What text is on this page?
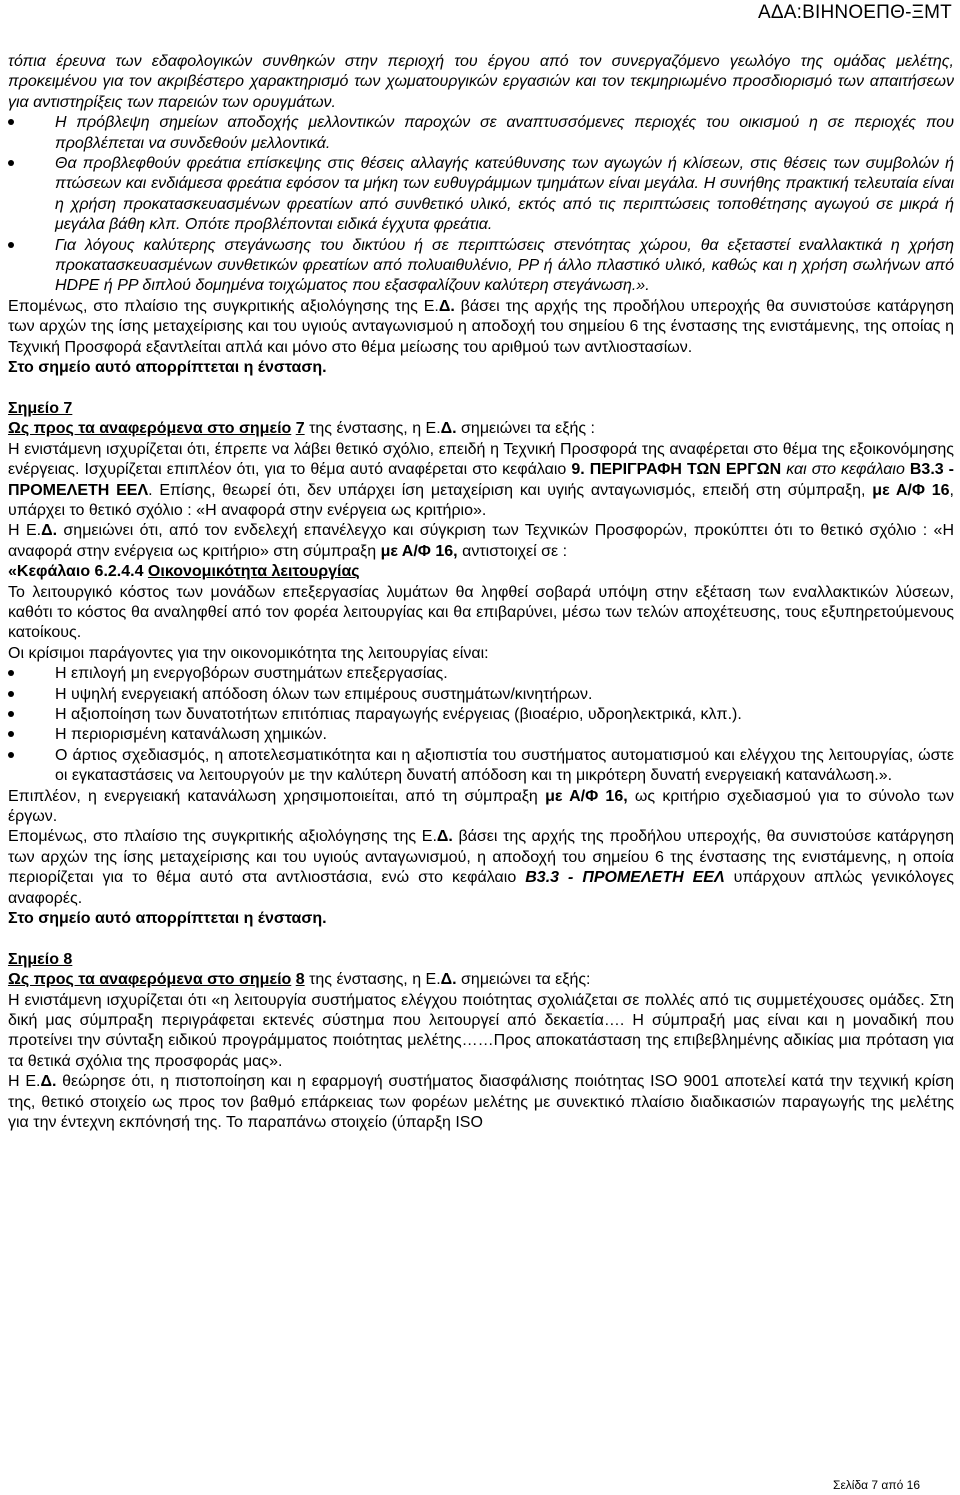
ΑΔΑ:ΒΙΗΝΟΕΠΘ-ΞΜΤ
τόπια έρευνα των εδαφολογικών συνθηκών στην περιοχή του έργου από τον συνεργαζόμενο γεωλόγο της ομάδας μελέτης, προκειμένου για τον ακριβέστερο χαρακτηρισμό των χωματουργικών εργασιών και τον τεκμηριωμένο προσδιορισμό των απαιτήσεων για αντιστηρίξεις των παρειών των ορυγμάτων.
Η πρόβλεψη σημείων αποδοχής μελλοντικών παροχών σε αναπτυσσόμενες περιοχές του οικισμού η σε περιοχές που προβλέπεται να συνδεθούν μελλοντικά.
Θα προβλεφθούν φρεάτια επίσκεψης στις θέσεις αλλαγής κατεύθυνσης των αγωγών ή κλίσεων, στις θέσεις των συμβολών ή πτώσεων και ενδιάμεσα φρεάτια εφόσον τα μήκη των ευθυγράμμων τμημάτων είναι μεγάλα. Η συνήθης πρακτική τελευταία είναι η χρήση προκατασκευασμένων φρεατίων από συνθετικό υλικό, εκτός από τις περιπτώσεις τοποθέτησης αγωγού σε μικρά ή μεγάλα βάθη κλπ. Οπότε προβλέπονται ειδικά έγχυτα φρεάτια.
Για λόγους καλύτερης στεγάνωσης του δικτύου ή σε περιπτώσεις στενότητας χώρου, θα εξεταστεί εναλλακτικά η χρήση προκατασκευασμένων συνθετικών φρεατίων από πολυαιθυλένιο, PP ή άλλο πλαστικό υλικό, καθώς και η χρήση σωλήνων από HDPE ή PP διπλού δομημένα τοιχώματος που εξασφαλίζουν καλύτερη στεγάνωση.».
Επομένως, στο πλαίσιο της συγκριτικής αξιολόγησης της Ε.Δ. βάσει της αρχής της προδήλου υπεροχής θα συνιστούσε κατάργηση των αρχών της ίσης μεταχείρισης και του υγιούς ανταγωνισμού η αποδοχή του σημείου 6 της ένστασης της ενιστάμενης, της οποίας η Τεχνική Προσφορά εξαντλείται απλά και μόνο στο θέμα μείωσης του αριθμού των αντλιοστασίων.
Στο σημείο αυτό απορρίπτεται η ένσταση.
Σημείο 7
Ως προς τα αναφερόμενα στο σημείο 7 της ένστασης, η Ε.Δ. σημειώνει τα εξής :
Η ενιστάμενη ισχυρίζεται ότι, έπρεπε να λάβει θετικό σχόλιο, επειδή η Τεχνική Προσφορά της αναφέρεται στο θέμα της εξοικονόμησης ενέργειας. Ισχυρίζεται επιπλέον ότι, για το θέμα αυτό αναφέρεται στο κεφάλαιο 9. ΠΕΡΙΓΡΑΦΗ ΤΩΝ ΕΡΓΩΝ και στο κεφάλαιο Β3.3 - ΠΡΟΜΕΛΕΤΗ ΕΕΛ. Επίσης, θεωρεί ότι, δεν υπάρχει ίση μεταχείριση και υγιής ανταγωνισμός, επειδή στη σύμπραξη, με Α/Φ 16, υπάρχει το θετικό σχόλιο : «Η αναφορά στην ενέργεια ως κριτήριο».
Η Ε.Δ. σημειώνει ότι, από τον ενδελεχή επανέλεγχο και σύγκριση των Τεχνικών Προσφορών, προκύπτει ότι το θετικό σχόλιο : «Η αναφορά στην ενέργεια ως κριτήριο» στη σύμπραξη με Α/Φ 16, αντιστοιχεί σε :
«Κεφάλαιο 6.2.4.4 Οικονομικότητα λειτουργίας
Το λειτουργικό κόστος των μονάδων επεξεργασίας λυμάτων θα ληφθεί σοβαρά υπόψη στην εξέταση των εναλλακτικών λύσεων, καθότι το κόστος θα αναληφθεί από τον φορέα λειτουργίας και θα επιβαρύνει, μέσω των τελών αποχέτευσης, τους εξυπηρετούμενους κατοίκους.
Οι κρίσιμοι παράγοντες για την οικονομικότητα της λειτουργίας είναι:
Η επιλογή μη ενεργοβόρων συστημάτων επεξεργασίας.
Η υψηλή ενεργειακή απόδοση όλων των επιμέρους συστημάτων/κινητήρων.
Η αξιοποίηση των δυνατοτήτων επιτόπιας παραγωγής ενέργειας (βιοαέριο, υδροηλεκτρικά, κλπ.).
Η περιορισμένη κατανάλωση χημικών.
Ο άρτιος σχεδιασμός, η αποτελεσματικότητα και η αξιοπιστία του συστήματος αυτοματισμού και ελέγχου της λειτουργίας, ώστε οι εγκαταστάσεις να λειτουργούν με την καλύτερη δυνατή απόδοση και τη μικρότερη δυνατή ενεργειακή κατανάλωση.».
Επιπλέον, η ενεργειακή κατανάλωση χρησιμοποιείται, από τη σύμπραξη με Α/Φ 16, ως κριτήριο σχεδιασμού για το σύνολο των έργων.
Επομένως, στο πλαίσιο της συγκριτικής αξιολόγησης της Ε.Δ. βάσει της αρχής της προδήλου υπεροχής, θα συνιστούσε κατάργηση των αρχών της ίσης μεταχείρισης και του υγιούς ανταγωνισμού, η αποδοχή του σημείου 6 της ένστασης της ενιστάμενης, η οποία περιορίζεται για το θέμα αυτό στα αντλιοστάσια, ενώ στο κεφάλαιο Β3.3 - ΠΡΟΜΕΛΕΤΗ ΕΕΛ υπάρχουν απλώς γενικόλογες αναφορές.
Στο σημείο αυτό απορρίπτεται η ένσταση.
Σημείο 8
Ως προς τα αναφερόμενα στο σημείο 8 της ένστασης, η Ε.Δ. σημειώνει τα εξής:
Η ενιστάμενη ισχυρίζεται ότι «η λειτουργία συστήματος ελέγχου ποιότητας σχολιάζεται σε πολλές από τις συμμετέχουσες ομάδες. Στη δική μας σύμπραξη περιγράφεται εκτενές σύστημα που λειτουργεί από δεκαετία…. Η σύμπραξή μας είναι και η μοναδική που προτείνει την σύνταξη ειδικού προγράμματος ποιότητας μελέτης……Προς αποκατάσταση της επιβεβλημένης αδικίας μια πρόταση για τα θετικά σχόλια της προσφοράς μας».
Η Ε.Δ. θεώρησε ότι, η πιστοποίηση και η εφαρμογή συστήματος διασφάλισης ποιότητας ISO 9001 αποτελεί κατά την τεχνική κρίση της, θετικό στοιχείο ως προς τον βαθμό επάρκειας των φορέων μελέτης με συνεκτικό πλαίσιο διαδικασιών παραγωγής της μελέτης για την έντεχνη εκπόνησή της. Το παραπάνω στοιχείο (ύπαρξη ISO
Σελίδα 7 από 16
